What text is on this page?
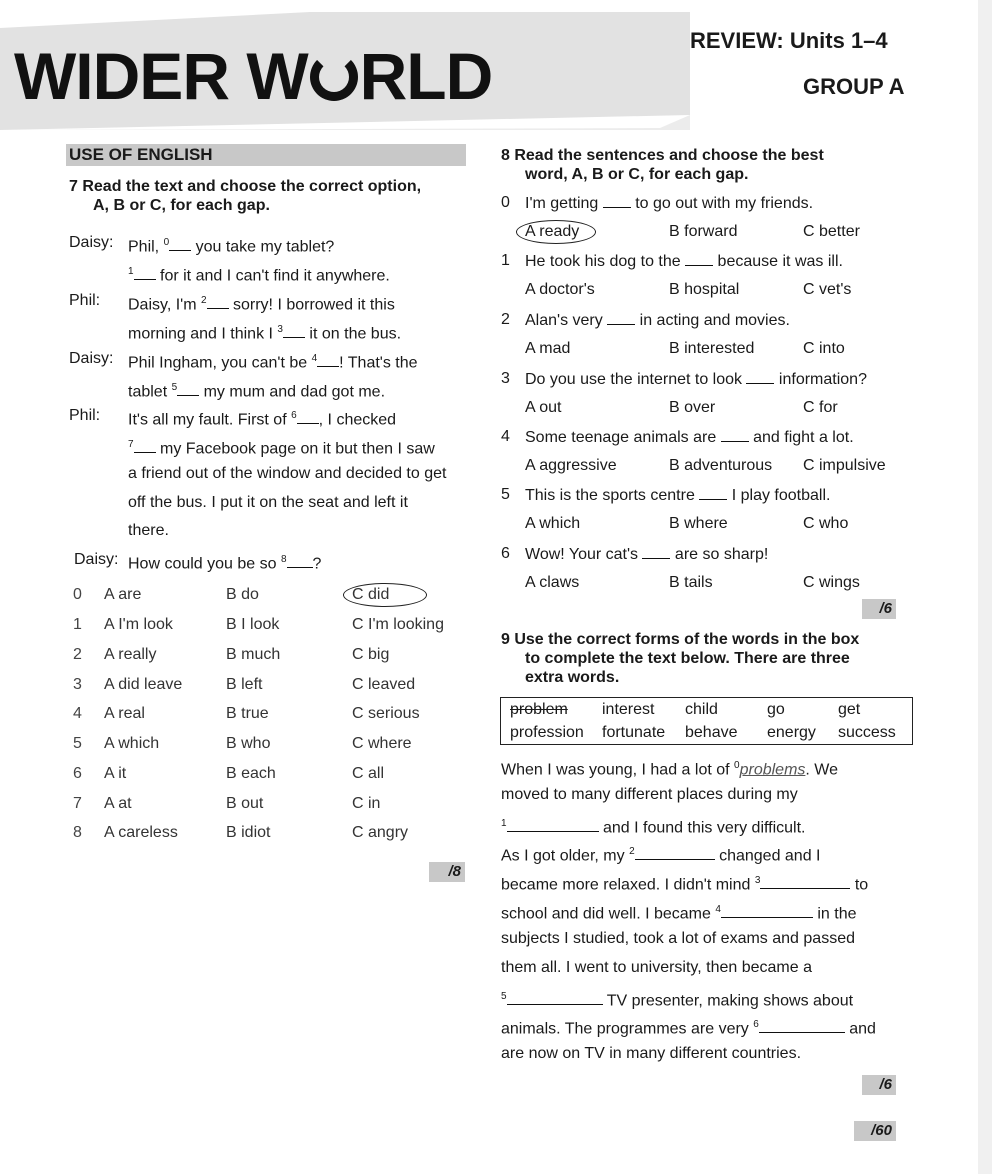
WIDER W RLD	REVIEW: Units 1–4
GROUP A
USE OF ENGLISH
7 Read the text and choose the correct option,
A, B or C, for each gap.
Daisy: Phil, $^0$ you take my tablet?
$^1$ for it and I can't find it anywhere.
Phil: Daisy, I'm $^2$ sorry! I borrowed it this
morning and I think I $^3$ it on the bus.
Daisy: Phil Ingham, you can't be $^4$ ! That's the
tablet $^5$ my mum and dad got me.
Phil: It's all my fault. First of $^6$ , I checked
$^7$ my Facebook page on it but then I saw
a friend out of the window and decided to get
off the bus. I put it on the seat and left it
there.
Daisy: How could you be so $^8$ ?
0 A are	B do	C did
1 A I'm look	B I look	C I'm looking
2 A really	B much	C big
3 A did leave	B left	C leaved
4 A real	B true	C serious
5 A which	B who	C where
6 A it	B each	C all
7 A at	B out	C in
8 A careless	B idiot	C angry
/8
8 Read the sentences and choose the best
word, A, B or C, for each gap.
0 I'm getting  to go out with my friends.
A ready	B forward	C better
1 He took his dog to the  because it was ill.
A doctor's	B hospital	C vet's
2 Alan's very  in acting and movies.
A mad	B interested	C into
3 Do you use the internet to look  information?
A out	B over	C for
4 Some teenage animals are  and fight a lot.
A aggressive	B adventurous C impulsive
5 This is the sports centre  I play football.
A which	B where	C who
6 Wow! Your cat's  are so sharp!
A claws	B tails	C wings
/6
9 Use the correct forms of the words in the box
to complete the text below. There are three
extra words.
problem interest child	go	get
profession fortunate behave energy success
When I was young, I had a lot of $^0$problems. We
moved to many different places during my
$^1$	and I found this very difficult.
As I got older, my $^2$	changed and I
became more relaxed. I didn't mind $^3$	to
school and did well. I became $^4$	in the
subjects I studied, took a lot of exams and passed
them all. I went to university, then became a
$^5$	TV presenter, making shows about
animals. The programmes are very $^6$	and
are now on TV in many different countries.
/6
/60
